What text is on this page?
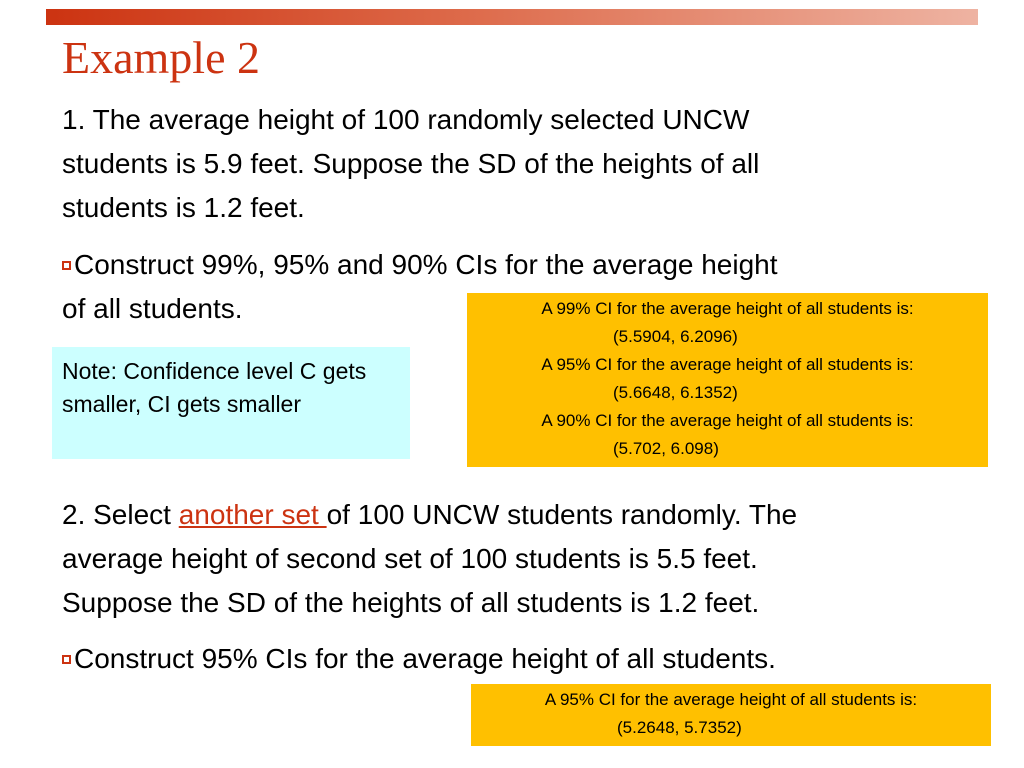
Example 2
1. The average height of 100 randomly selected UNCW
students is 5.9 feet. Suppose the SD of the heights of all
students is 1.2 feet.
Construct 99%, 95% and 90% CIs for the average height
of all students.
Note: Confidence level C gets smaller, CI gets smaller
A 99% CI for the average height of all students is:
(5.5904, 6.2096)
A 95% CI for the average height of all students is:
(5.6648, 6.1352)
A 90% CI for the average height of all students is:
(5.702, 6.098)
2. Select another set of 100 UNCW students randomly. The
average height of second set of 100 students is 5.5 feet.
Suppose the SD of the heights of all students is 1.2 feet.
Construct 95% CIs for the average height of all students.
A 95% CI for the average height of all students is:
(5.2648, 5.7352)
